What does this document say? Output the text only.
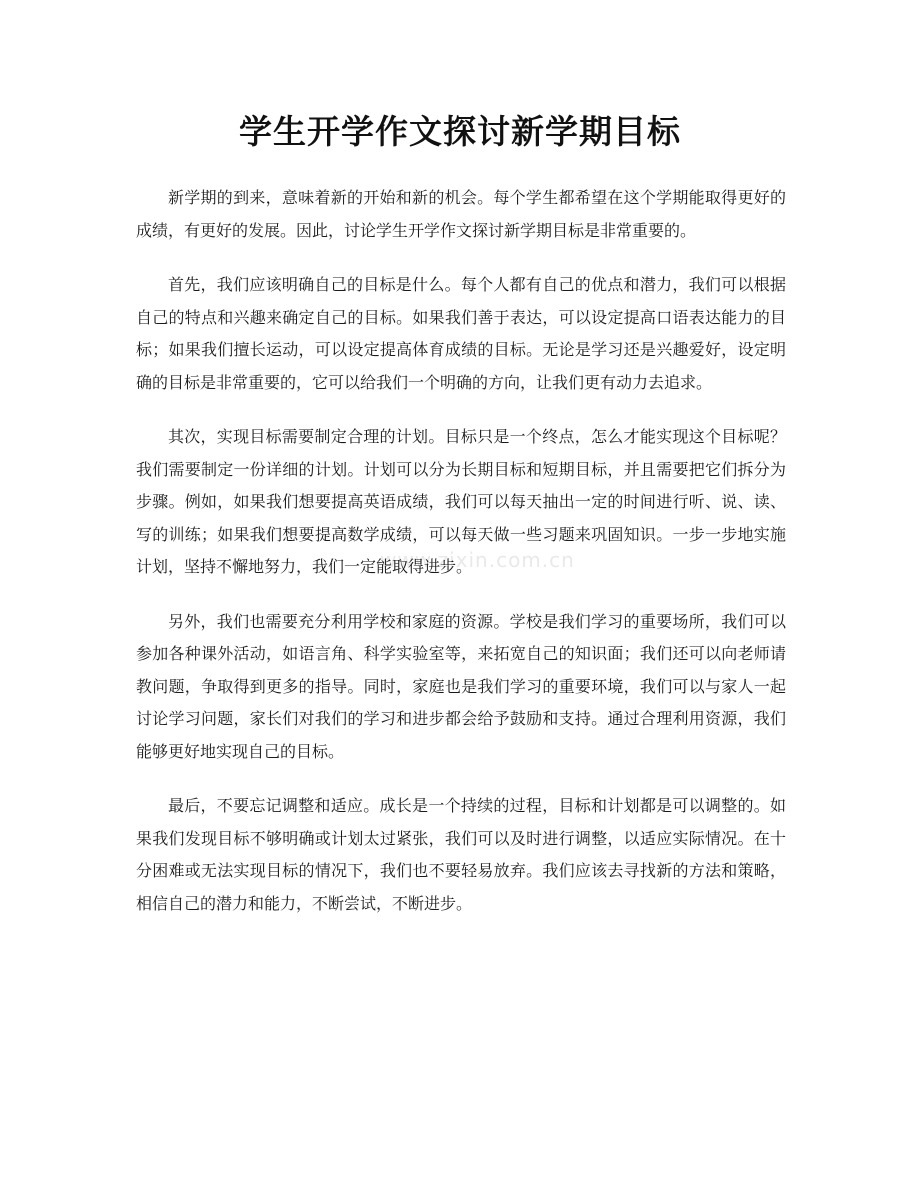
www.zixin.com.cn
学生开学作文探讨新学期目标

新学期的到来，意味着新的开始和新的机会。每个学生都希望在这个学期能取得更好的成绩，有更好的发展。因此，讨论学生开学作文探讨新学期目标是非常重要的。

首先，我们应该明确自己的目标是什么。每个人都有自己的优点和潜力，我们可以根据自己的特点和兴趣来确定自己的目标。如果我们善于表达，可以设定提高口语表达能力的目标；如果我们擅长运动，可以设定提高体育成绩的目标。无论是学习还是兴趣爱好，设定明确的目标是非常重要的，它可以给我们一个明确的方向，让我们更有动力去追求。

其次，实现目标需要制定合理的计划。目标只是一个终点，怎么才能实现这个目标呢？我们需要制定一份详细的计划。计划可以分为长期目标和短期目标，并且需要把它们拆分为步骤。例如，如果我们想要提高英语成绩，我们可以每天抽出一定的时间进行听、说、读、写的训练；如果我们想要提高数学成绩，可以每天做一些习题来巩固知识。一步一步地实施计划，坚持不懈地努力，我们一定能取得进步。

另外，我们也需要充分利用学校和家庭的资源。学校是我们学习的重要场所，我们可以参加各种课外活动，如语言角、科学实验室等，来拓宽自己的知识面；我们还可以向老师请教问题，争取得到更多的指导。同时，家庭也是我们学习的重要环境，我们可以与家人一起讨论学习问题，家长们对我们的学习和进步都会给予鼓励和支持。通过合理利用资源，我们能够更好地实现自己的目标。

最后，不要忘记调整和适应。成长是一个持续的过程，目标和计划都是可以调整的。如果我们发现目标不够明确或计划太过紧张，我们可以及时进行调整，以适应实际情况。在十分困难或无法实现目标的情况下，我们也不要轻易放弃。我们应该去寻找新的方法和策略，相信自己的潜力和能力，不断尝试，不断进步。
